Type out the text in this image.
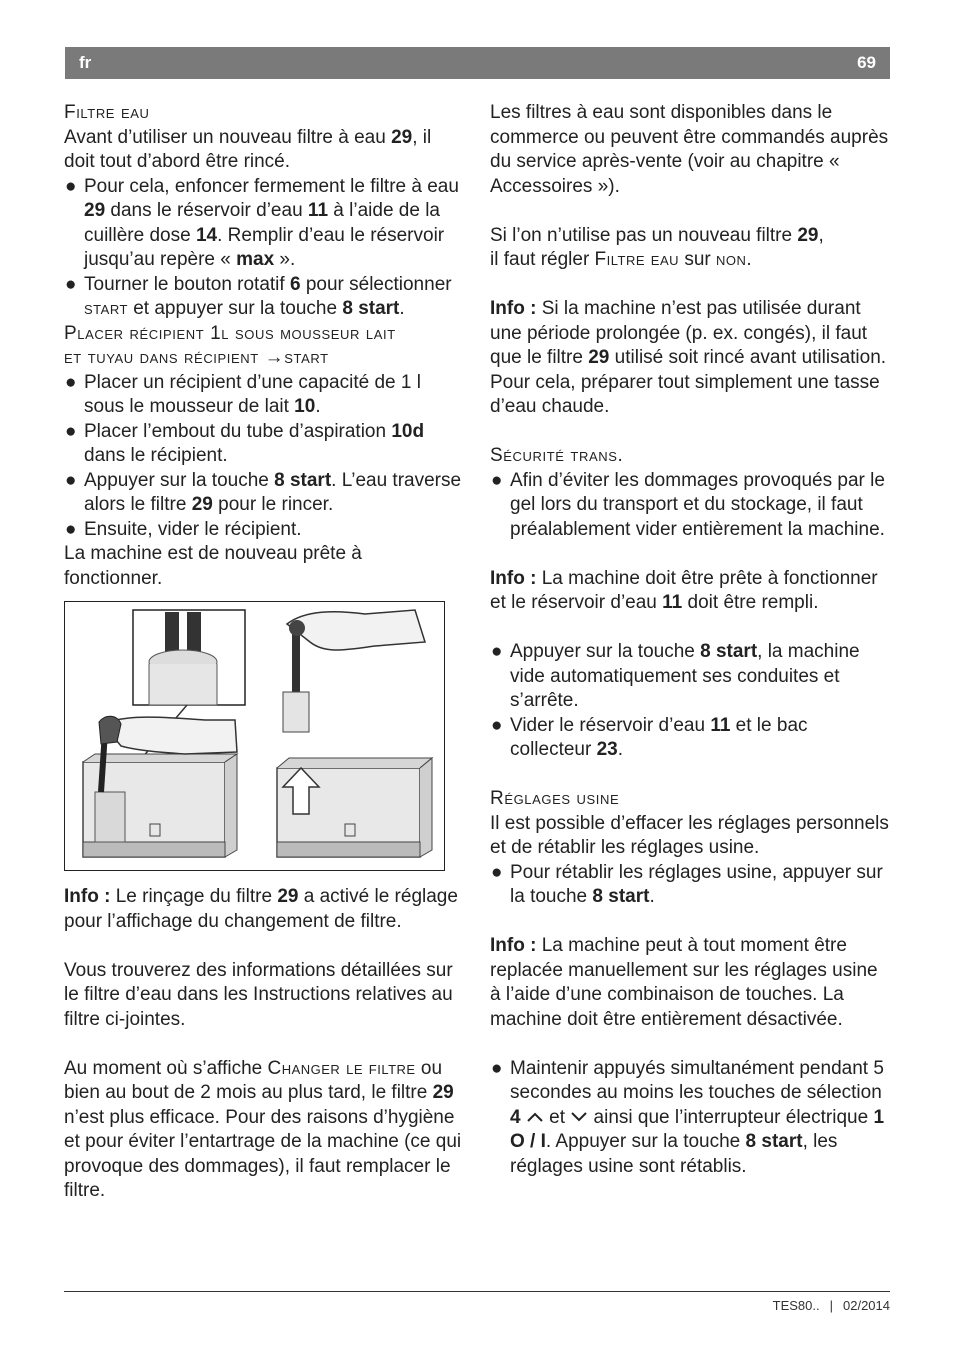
fr	69

Filtre eau

Avant d’utiliser un nouveau filtre à eau 29, il doit tout d’abord être rincé.

● Pour cela, enfoncer fermement le filtre à eau 29 dans le réservoir d’eau 11 à l’aide de la cuillère dose 14. Remplir d’eau le réservoir jusqu’au repère « max ».

● Tourner le bouton rotatif 6 pour sélectionner start et appuyer sur la touche 8 start.

Placer récipient 1l sous mousseur lait

et tuyau dans récipient →start

● Placer un récipient d’une capacité de 1 l sous le mousseur de lait 10.

● Placer l’embout du tube d’aspiration 10d dans le récipient.

● Appuyer sur la touche 8 start. L’eau traverse alors le filtre 29 pour le rincer.

● Ensuite, vider le récipient.

La machine est de nouveau prête à fonctionner.

Info : Le rinçage du filtre 29 a activé le réglage pour l’affichage du changement de filtre.

Vous trouverez des informations détaillées sur le filtre d’eau dans les Instructions relatives au filtre ci-jointes.

Au moment où s’affiche Changer le filtre ou bien au bout de 2 mois au plus tard, le filtre 29 n’est plus efficace. Pour des raisons d’hygiène et pour éviter l’entartrage de la machine (ce qui provoque des dommages), il faut remplacer le filtre.

Les filtres à eau sont disponibles dans le commerce ou peuvent être commandés auprès du service après-vente (voir au chapitre « Accessoires »).

Si l’on n’utilise pas un nouveau filtre 29,
il faut régler Filtre eau sur non.

Info : Si la machine n’est pas utilisée durant une période prolongée (p. ex. congés), il faut que le filtre 29 utilisé soit rincé avant utilisation. Pour cela, préparer tout simplement une tasse d’eau chaude.

Sécurité trans.

● Afin d’éviter les dommages provoqués par le gel lors du transport et du stockage, il faut préalablement vider entièrement la machine.

Info : La machine doit être prête à fonctionner et le réservoir d’eau 11 doit être rempli.

● Appuyer sur la touche 8 start, la machine vide automatiquement ses conduites et s’arrête.

● Vider le réservoir d’eau 11 et le bac collecteur 23.

Réglages usine

Il est possible d’effacer les réglages personnels et de rétablir les réglages usine.

● Pour rétablir les réglages usine, appuyer sur la touche 8 start.

Info : La machine peut à tout moment être replacée manuellement sur les réglages usine à l’aide d’une combinaison de touches. La machine doit être entièrement désactivée.

● Maintenir appuyés simultanément pendant 5 secondes au moins les touches de sélection 4  et  ainsi que l’interrupteur électrique 1 O / I. Appuyer sur la touche 8 start, les réglages usine sont rétablis.

TES80.. | 02/2014
